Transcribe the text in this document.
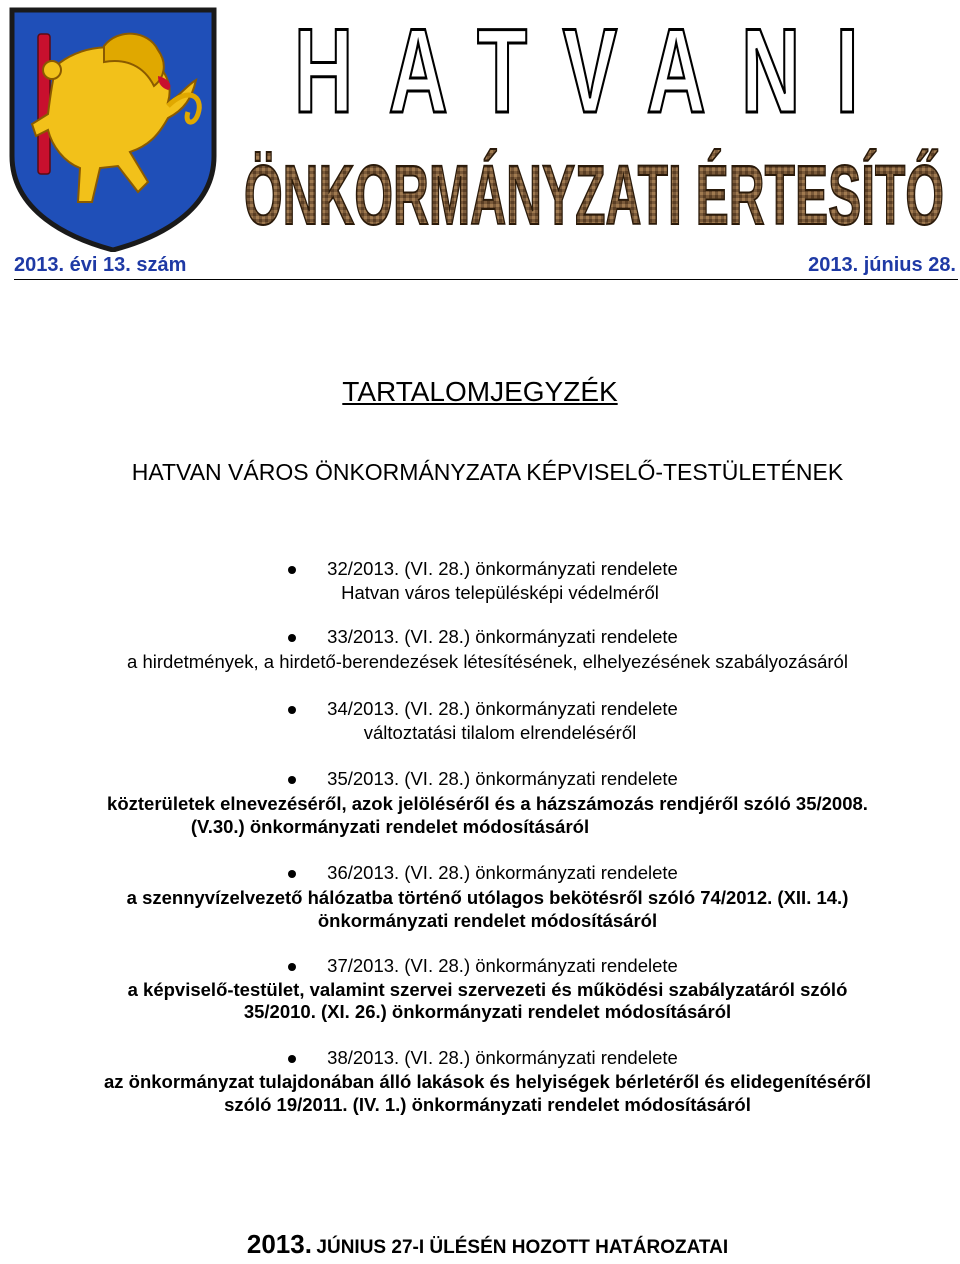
HATVANI
ÖNKORMÁNYZATI ÉRTESÍTŐ
2013. évi 13. szám	2013. június 28.
TARTALOMJEGYZÉK
HATVAN VÁROS ÖNKORMÁNYZATA KÉPVISELŐ-TESTÜLETÉNEK
32/2013. (VI. 28.) önkormányzati rendelete
Hatvan város településképi védelméről
33/2013. (VI. 28.) önkormányzati rendelete
a hirdetmények, a hirdető-berendezések létesítésének, elhelyezésének szabályozásáról
34/2013. (VI. 28.) önkormányzati rendelete
változtatási tilalom elrendeléséről
35/2013. (VI. 28.) önkormányzati rendelete
közterületek elnevezéséről, azok jelöléséről és a házszámozás rendjéről szóló 35/2008.
(V.30.) önkormányzati rendelet módosításáról
36/2013. (VI. 28.) önkormányzati rendelete
a szennyvízelvezető hálózatba történő utólagos bekötésről szóló 74/2012. (XII. 14.)
önkormányzati rendelet módosításáról
37/2013. (VI. 28.) önkormányzati rendelete
a képviselő-testület, valamint szervei szervezeti és működési szabályzatáról szóló
35/2010. (XI. 26.) önkormányzati rendelet módosításáról
38/2013. (VI. 28.) önkormányzati rendelete
az önkormányzat tulajdonában álló lakások és helyiségek bérletéről és elidegenítéséről
szóló 19/2011. (IV. 1.) önkormányzati rendelet módosításáról
2013. JÚNIUS 27-I ÜLÉSÉN HOZOTT HATÁROZATAI
